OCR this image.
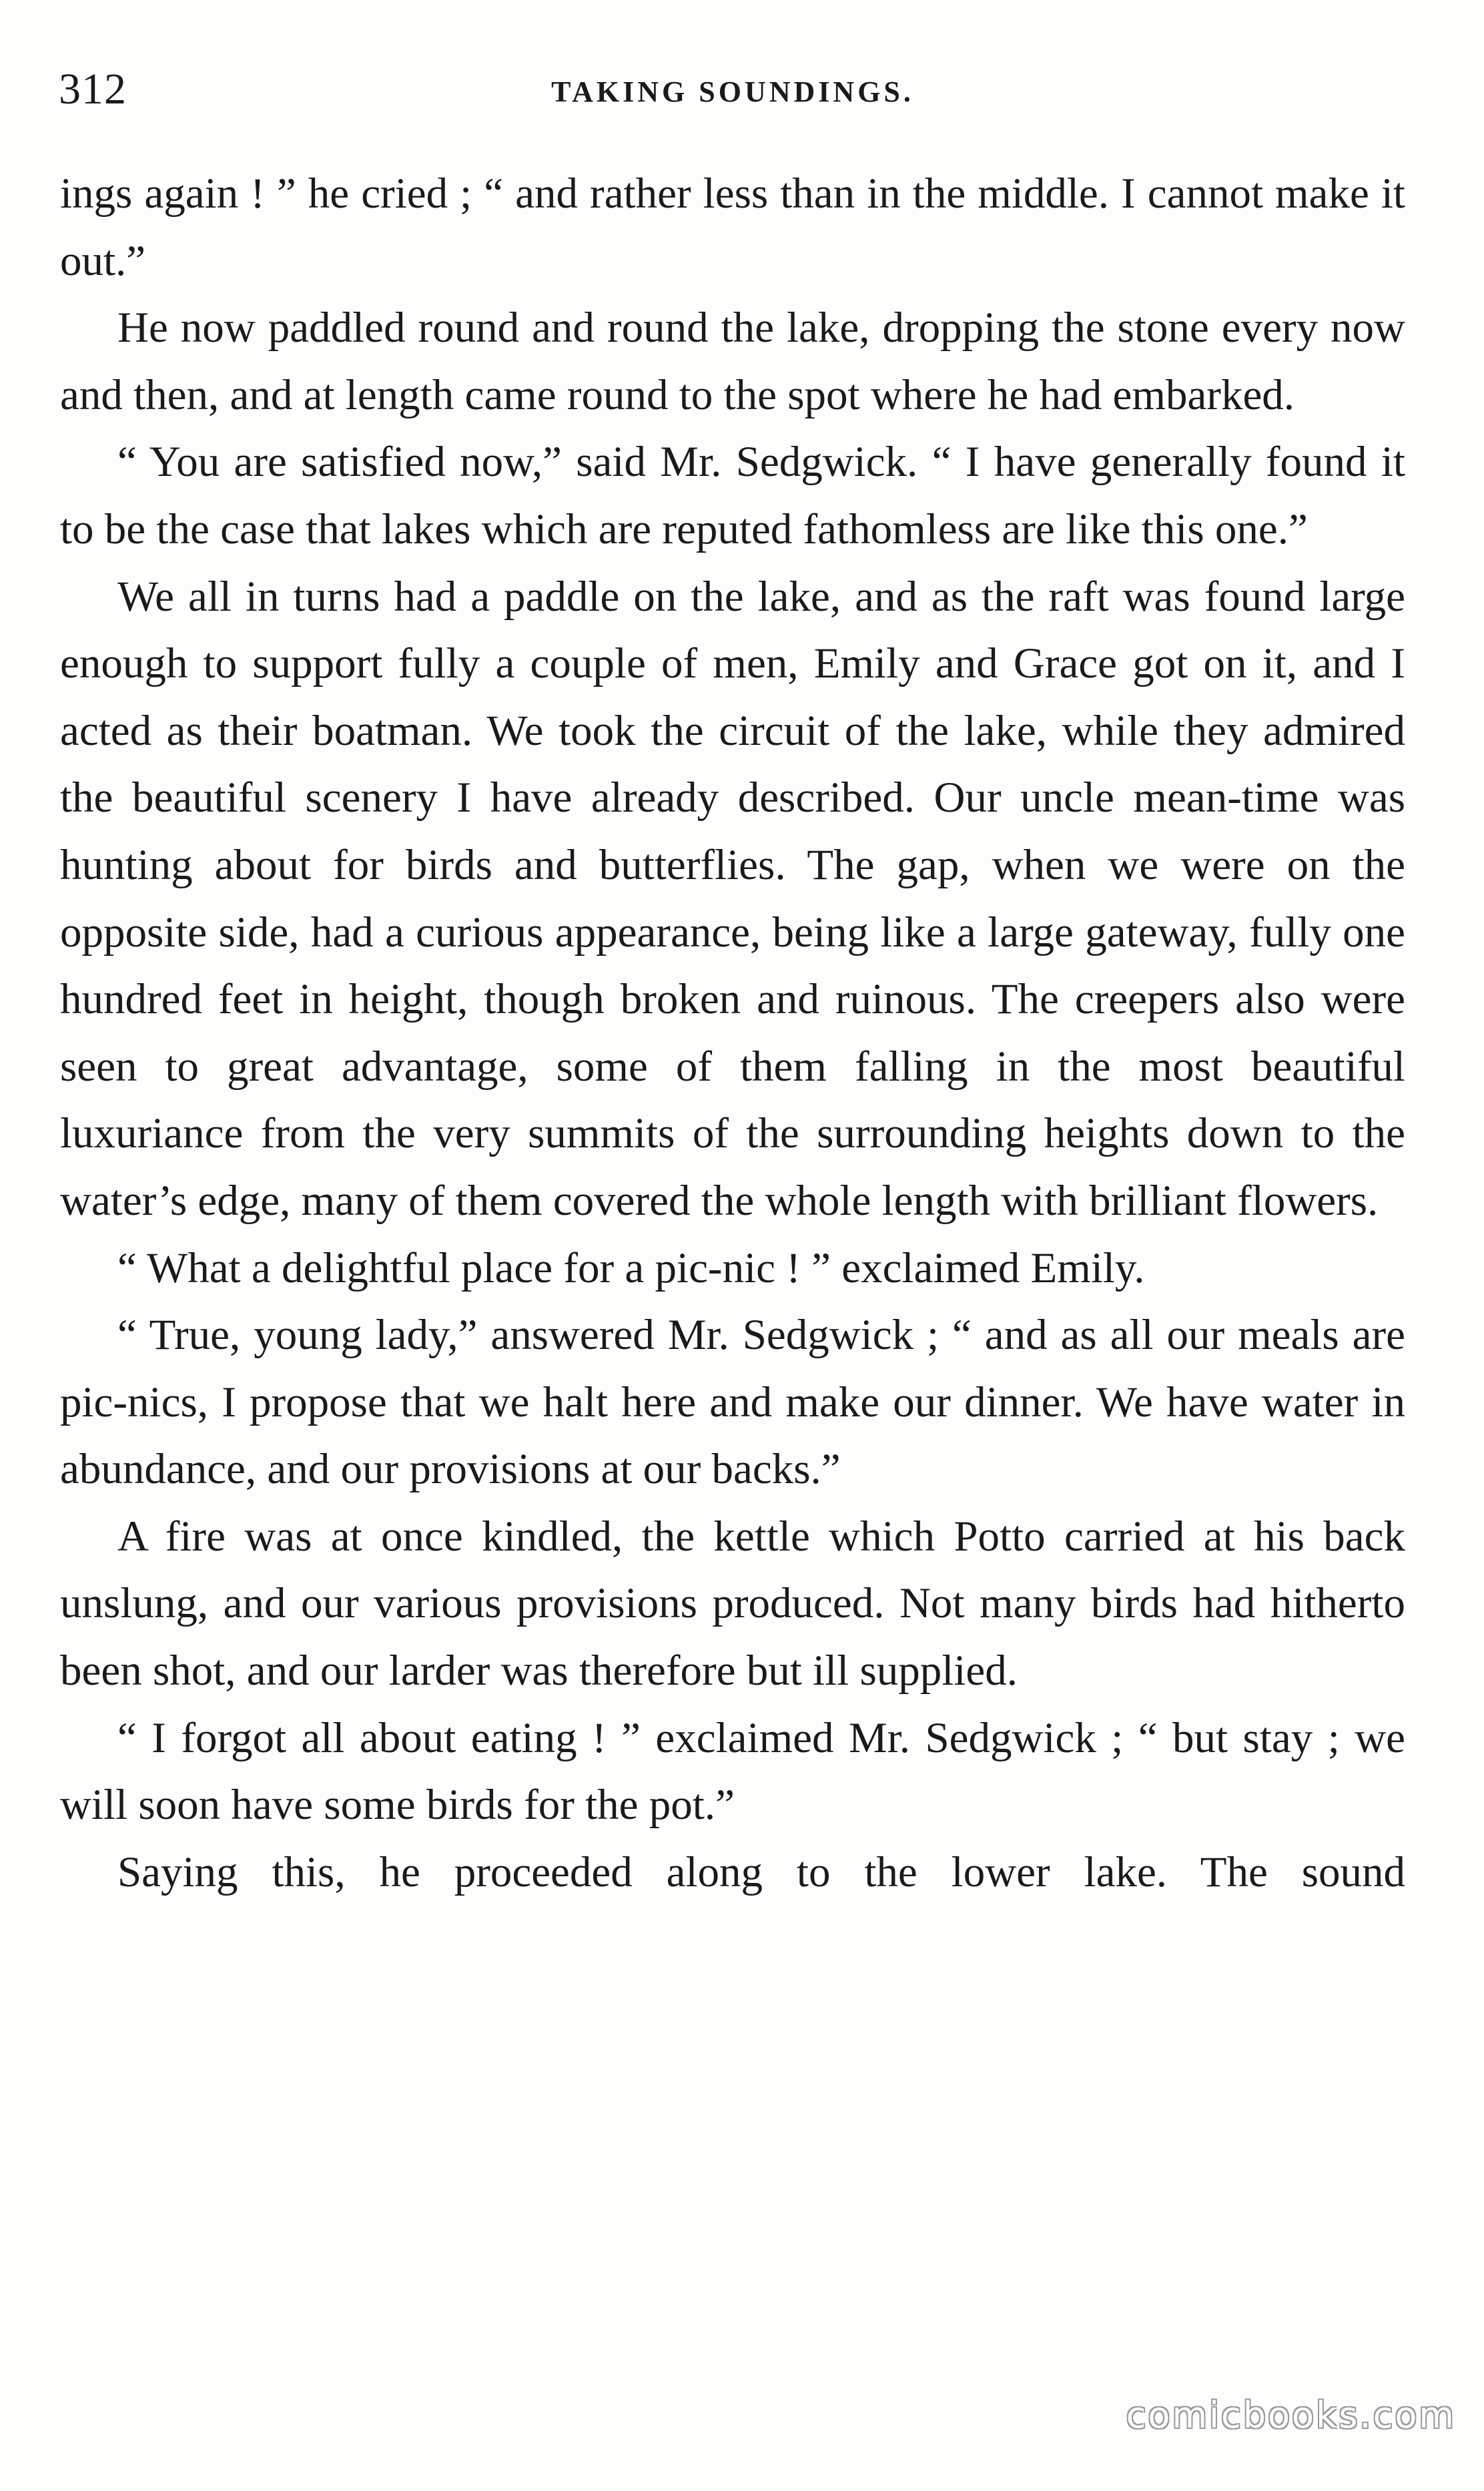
312	TAKING SOUNDINGS.

ings again ! ” he cried ; “ and rather less than in the middle. I cannot make it out.”

He now paddled round and round the lake, dropping the stone every now and then, and at length came round to the spot where he had embarked.

“ You are satisfied now,” said Mr. Sedgwick. “ I have generally found it to be the case that lakes which are reputed fathomless are like this one.”

We all in turns had a paddle on the lake, and as the raft was found large enough to support fully a couple of men, Emily and Grace got on it, and I acted as their boatman. We took the circuit of the lake, while they admired the beautiful scenery I have already described. Our uncle mean-time was hunting about for birds and butterflies. The gap, when we were on the opposite side, had a curious appearance, being like a large gateway, fully one hundred feet in height, though broken and ruinous. The creepers also were seen to great advantage, some of them falling in the most beautiful luxuriance from the very summits of the surrounding heights down to the water’s edge, many of them covered the whole length with brilliant flowers.

“ What a delightful place for a pic-nic ! ” exclaimed Emily.

“ True, young lady,” answered Mr. Sedgwick ; “ and as all our meals are pic-nics, I propose that we halt here and make our dinner. We have water in abundance, and our provisions at our backs.”

A fire was at once kindled, the kettle which Potto carried at his back unslung, and our various provisions produced. Not many birds had hitherto been shot, and our larder was therefore but ill supplied.

“ I forgot all about eating ! ” exclaimed Mr. Sedgwick ; “ but stay ; we will soon have some birds for the pot.”

Saying this, he proceeded along to the lower lake. The sound

comicbooks.com
